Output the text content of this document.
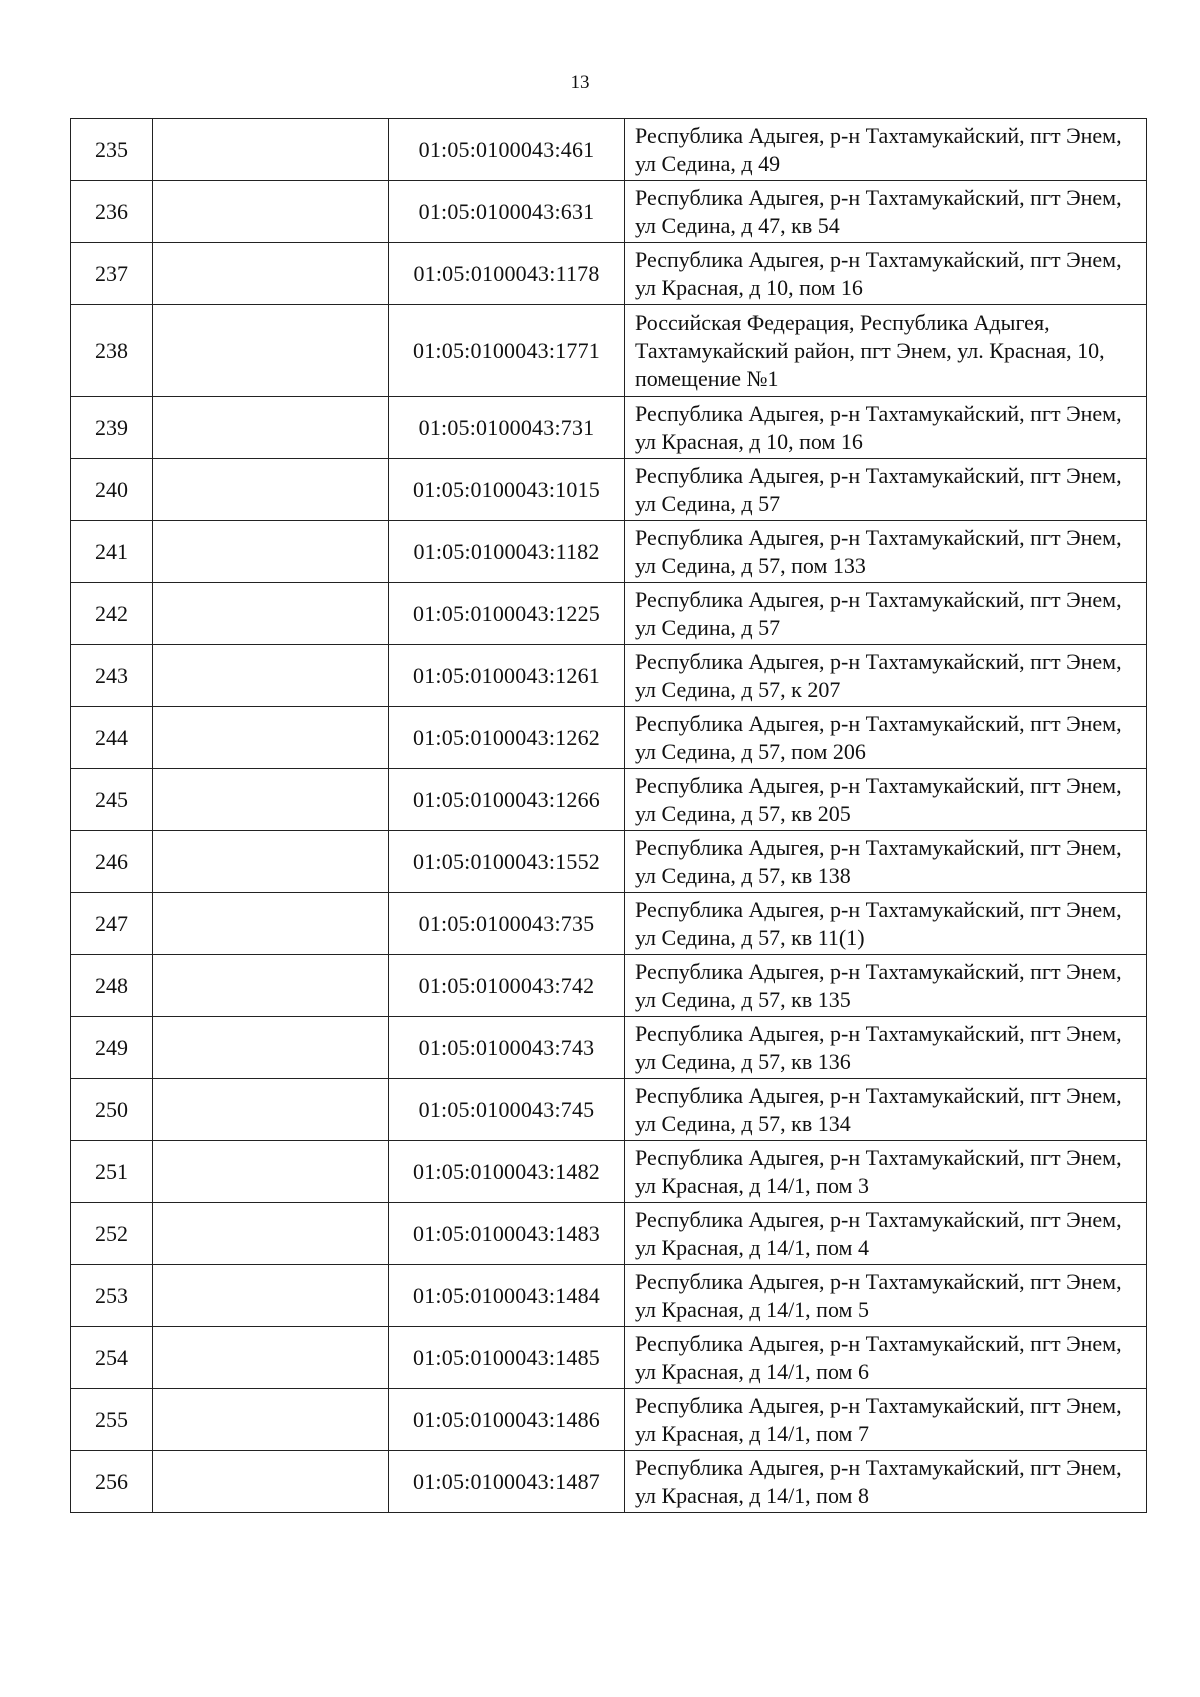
13
235		01:05:0100043:461	Республика Адыгея, р-н Тахтамукайский, пгт Энем, ул Седина, д 49
236		01:05:0100043:631	Республика Адыгея, р-н Тахтамукайский, пгт Энем, ул Седина, д 47, кв 54
237		01:05:0100043:1178	Республика Адыгея, р-н Тахтамукайский, пгт Энем, ул Красная, д 10, пом 16
238		01:05:0100043:1771	Российская Федерация, Республика Адыгея, Тахтамукайский район, пгт Энем, ул. Красная, 10, помещение №1
239		01:05:0100043:731	Республика Адыгея, р-н Тахтамукайский, пгт Энем, ул Красная, д 10, пом 16
240		01:05:0100043:1015	Республика Адыгея, р-н Тахтамукайский, пгт Энем, ул Седина, д 57
241		01:05:0100043:1182	Республика Адыгея, р-н Тахтамукайский, пгт Энем, ул Седина, д 57, пом 133
242		01:05:0100043:1225	Республика Адыгея, р-н Тахтамукайский, пгт Энем, ул Седина, д 57
243		01:05:0100043:1261	Республика Адыгея, р-н Тахтамукайский, пгт Энем, ул Седина, д 57, к 207
244		01:05:0100043:1262	Республика Адыгея, р-н Тахтамукайский, пгт Энем, ул Седина, д 57, пом 206
245		01:05:0100043:1266	Республика Адыгея, р-н Тахтамукайский, пгт Энем, ул Седина, д 57, кв 205
246		01:05:0100043:1552	Республика Адыгея, р-н Тахтамукайский, пгт Энем, ул Седина, д 57, кв 138
247		01:05:0100043:735	Республика Адыгея, р-н Тахтамукайский, пгт Энем, ул Седина, д 57, кв 11(1)
248		01:05:0100043:742	Республика Адыгея, р-н Тахтамукайский, пгт Энем, ул Седина, д 57, кв 135
249		01:05:0100043:743	Республика Адыгея, р-н Тахтамукайский, пгт Энем, ул Седина, д 57, кв 136
250		01:05:0100043:745	Республика Адыгея, р-н Тахтамукайский, пгт Энем, ул Седина, д 57, кв 134
251		01:05:0100043:1482	Республика Адыгея, р-н Тахтамукайский, пгт Энем, ул Красная, д 14/1, пом 3
252		01:05:0100043:1483	Республика Адыгея, р-н Тахтамукайский, пгт Энем, ул Красная, д 14/1, пом 4
253		01:05:0100043:1484	Республика Адыгея, р-н Тахтамукайский, пгт Энем, ул Красная, д 14/1, пом 5
254		01:05:0100043:1485	Республика Адыгея, р-н Тахтамукайский, пгт Энем, ул Красная, д 14/1, пом 6
255		01:05:0100043:1486	Республика Адыгея, р-н Тахтамукайский, пгт Энем, ул Красная, д 14/1, пом 7
256		01:05:0100043:1487	Республика Адыгея, р-н Тахтамукайский, пгт Энем, ул Красная, д 14/1, пом 8
